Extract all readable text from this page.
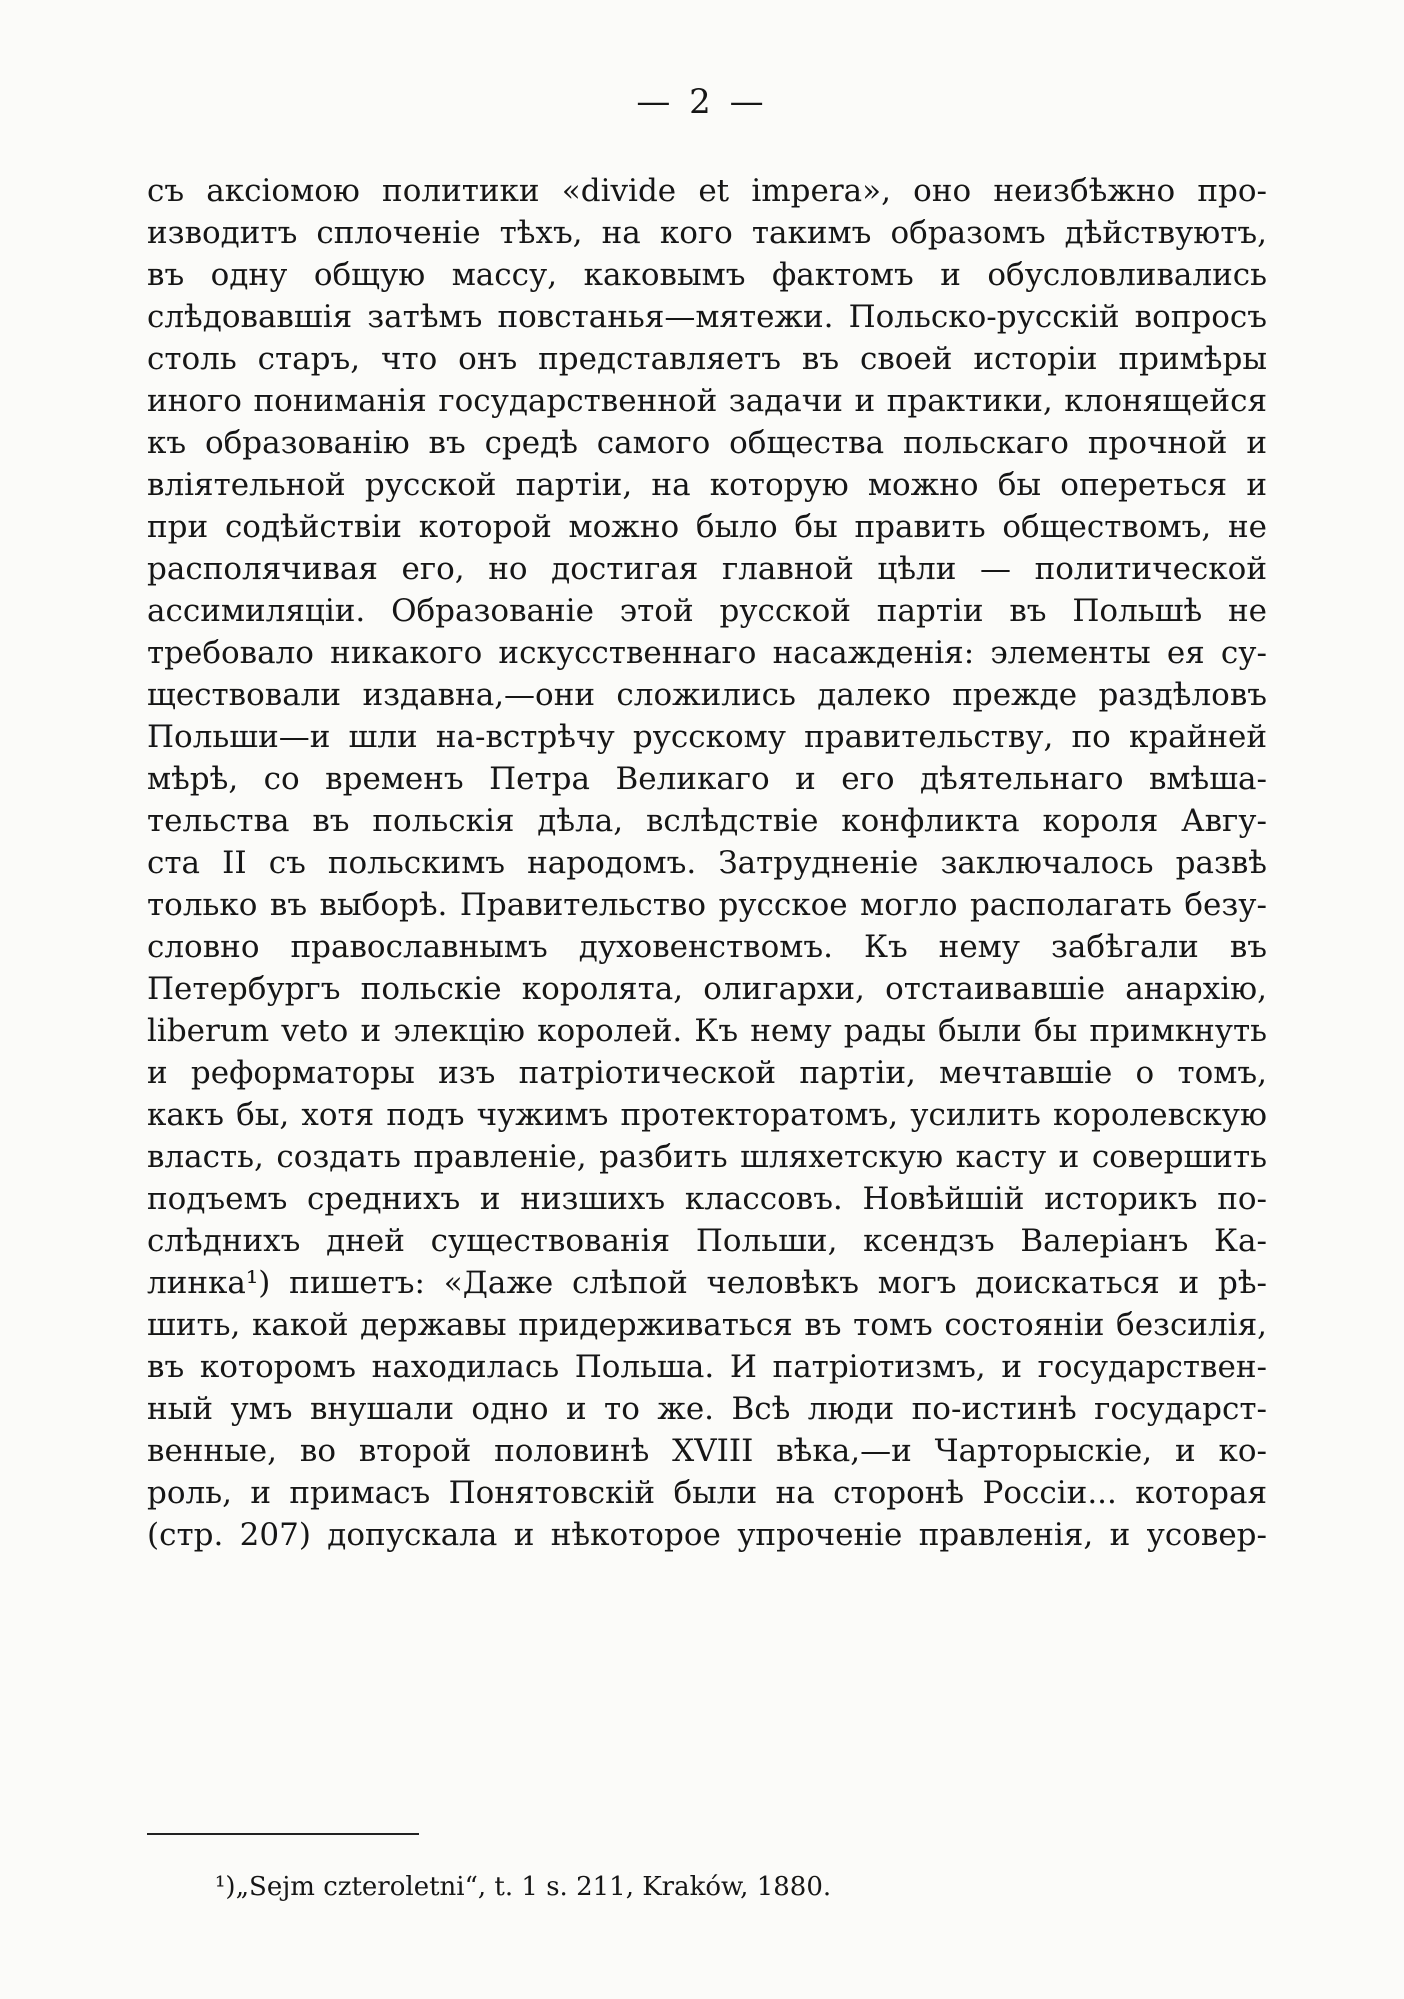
— 2 —
съ аксіомою политики «divide et impera», оно неизбѣжно про-
изводитъ сплоченіе тѣхъ, на кого такимъ образомъ дѣйствуютъ,
въ одну общую массу, каковымъ фактомъ и обусловливались
слѣдовавшія затѣмъ повстанья—мятежи. Польско-русскій вопросъ
столь старъ, что онъ представляетъ въ своей исторіи примѣры
иного пониманія государственной задачи и практики, клонящейся
къ образованію въ средѣ самого общества польскаго прочной и
вліятельной русской партіи, на которую можно бы опереться и
при содѣйствіи которой можно было бы править обществомъ, не
располячивая его, но достигая главной цѣли — политической
ассимиляціи. Образованіе этой русской партіи въ Польшѣ не
требовало никакого искусственнаго насажденія: элементы ея су-
ществовали издавна,—они сложились далеко прежде раздѣловъ
Польши—и шли на-встрѣчу русскому правительству, по крайней
мѣрѣ, со временъ Петра Великаго и его дѣятельнаго вмѣша-
тельства въ польскія дѣла, вслѣдствіе конфликта короля Авгу-
ста II съ польскимъ народомъ. Затрудненіе заключалось развѣ
только въ выборѣ. Правительство русское могло располагать безу-
словно православнымъ духовенствомъ. Къ нему забѣгали въ
Петербургъ польскіе королята, олигархи, отстаивавшіе анархію,
liberum veto и элекцію королей. Къ нему рады были бы примкнуть
и реформаторы изъ патріотической партіи, мечтавшіе о томъ,
какъ бы, хотя подъ чужимъ протекторатомъ, усилить королевскую
власть, создать правленіе, разбить шляхетскую касту и совершить
подъемъ среднихъ и низшихъ классовъ. Новѣйшій историкъ по-
слѣднихъ дней существованія Польши, ксендзъ Валеріанъ Ка-
линка¹) пишетъ: «Даже слѣпой человѣкъ могъ доискаться и рѣ-
шить, какой державы придерживаться въ томъ состояніи безсилія,
въ которомъ находилась Польша. И патріотизмъ, и государствен-
ный умъ внушали одно и то же. Всѣ люди по-истинѣ государст-
венные, во второй половинѣ XVIII вѣка,—и Чарторыскіе, и ко-
роль, и примасъ Понятовскій были на сторонѣ Россіи... которая
(стр. 207) допускала и нѣкоторое упроченіе правленія, и усовер-
¹)„Sejm czteroletni“, t. 1 s. 211, Kraków, 1880.
